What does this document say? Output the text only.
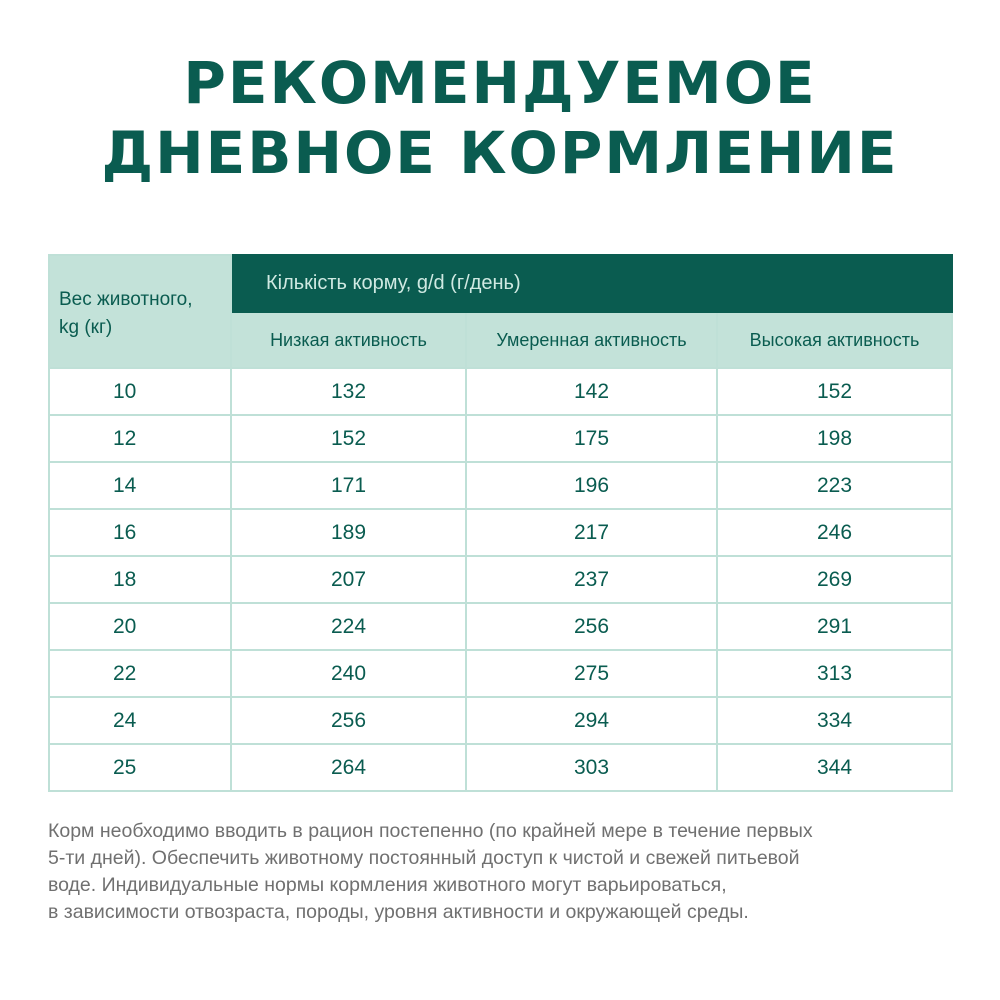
РЕКОМЕНДУЕМОЕ
ДНЕВНОЕ КОРМЛЕНИЕ
Вес животного,
kg (кг)	Кількість корму, g/d (г/день)		
	Низкая активность	Умеренная активность	Высокая активность
10	132	142	152
12	152	175	198
14	171	196	223
16	189	217	246
18	207	237	269
20	224	256	291
22	240	275	313
24	256	294	334
25	264	303	344
Корм необходимо вводить в рацион постепенно (по крайней мере в течение первых
5-ти дней). Обеспечить животному постоянный доступ к чистой и свежей питьевой
воде. Индивидуальные нормы кормления животного могут варьироваться,
в зависимости отвозраста, породы, уровня активности и окружающей среды.
